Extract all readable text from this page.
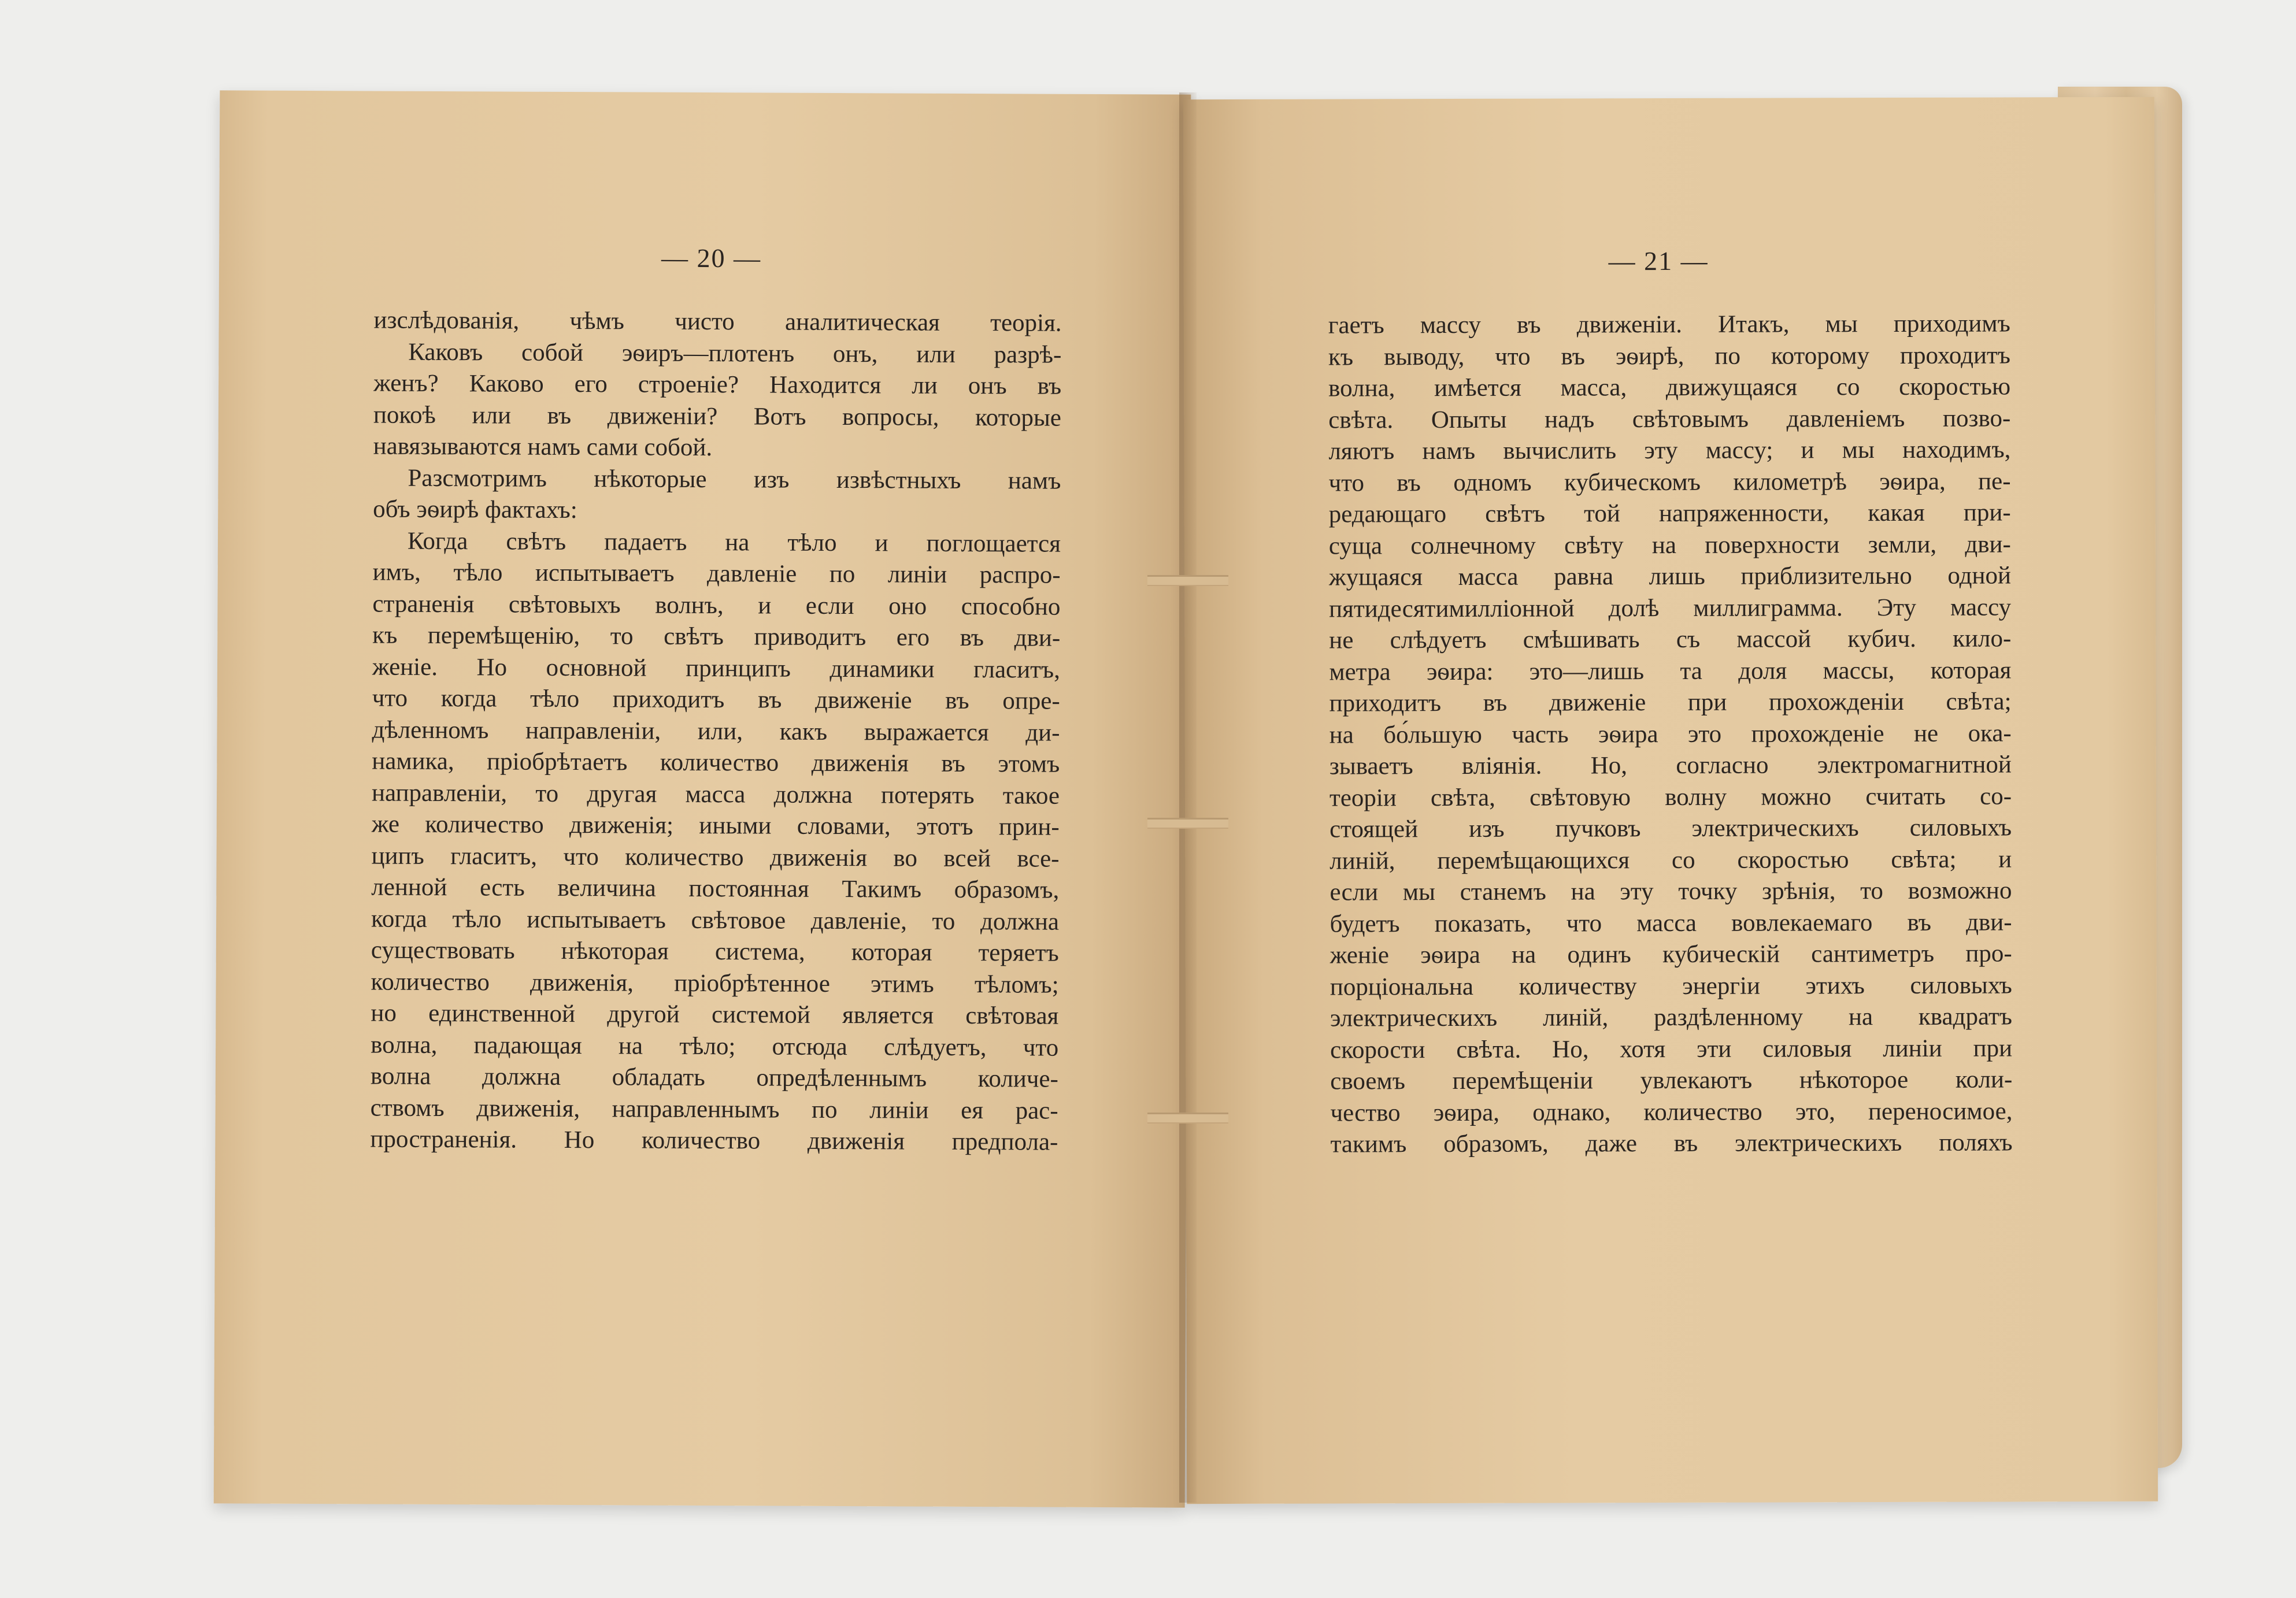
— 20 —
изслѣдованія, чѣмъ чисто аналитическая теорія.
Каковъ собой эѳиръ—плотенъ онъ, или разрѣ-
женъ? Каково его строеніе? Находится ли онъ въ
покоѣ или въ движеніи? Вотъ вопросы, которые
навязываются намъ сами собой.
Разсмотримъ нѣкоторые изъ извѣстныхъ намъ
объ эѳирѣ фактахъ:
Когда свѣтъ падаетъ на тѣло и поглощается
имъ, тѣло испытываетъ давленіе по линіи распро-
страненія свѣтовыхъ волнъ, и если оно способно
къ перемѣщенію, то свѣтъ приводитъ его въ дви-
женіе. Но основной принципъ динамики гласитъ,
что когда тѣло приходитъ въ движеніе въ опре-
дѣленномъ направленіи, или, какъ выражается ди-
намика, пріобрѣтаетъ количество движенія въ этомъ
направленіи, то другая масса должна потерять такое
же количество движенія; иными словами, этотъ прин-
ципъ гласитъ, что количество движенія во всей все-
ленной есть величина постоянная Такимъ образомъ,
когда тѣло испытываетъ свѣтовое давленіе, то должна
существовать нѣкоторая система, которая теряетъ
количество движенія, пріобрѣтенное этимъ тѣломъ;
но единственной другой системой является свѣтовая
волна, падающая на тѣло; отсюда слѣдуетъ, что
волна должна обладать опредѣленнымъ количе-
ствомъ движенія, направленнымъ по линіи ея рас-
пространенія. Но количество движенія предпола-
— 21 —
гаетъ массу въ движеніи. Итакъ, мы приходимъ
къ выводу, что въ эѳирѣ, по которому проходитъ
волна, имѣется масса, движущаяся со скоростью
свѣта. Опыты надъ свѣтовымъ давленіемъ позво-
ляютъ намъ вычислить эту массу; и мы находимъ,
что въ одномъ кубическомъ километрѣ эѳира, пе-
редающаго свѣтъ той напряженности, какая при-
суща солнечному свѣту на поверхности земли, дви-
жущаяся масса равна лишь приблизительно одной
пятидесятимилліонной долѣ миллиграмма. Эту массу
не слѣдуетъ смѣшивать съ массой кубич. кило-
метра эѳира: это—лишь та доля массы, которая
приходитъ въ движеніе при прохожденіи свѣта;
на бо́льшую часть эѳира это прохожденіе не ока-
зываетъ вліянія. Но, согласно электромагнитной
теоріи свѣта, свѣтовую волну можно считать со-
стоящей изъ пучковъ электрическихъ силовыхъ
линій, перемѣщающихся со скоростью свѣта; и
если мы станемъ на эту точку зрѣнія, то возможно
будетъ показать, что масса вовлекаемаго въ дви-
женіе эѳира на одинъ кубическій сантиметръ про-
порціональна количеству энергіи этихъ силовыхъ
электрическихъ линій, раздѣленному на квадратъ
скорости свѣта. Но, хотя эти силовыя линіи при
своемъ перемѣщеніи увлекаютъ нѣкоторое коли-
чество эѳира, однако, количество это, переносимое,
такимъ образомъ, даже въ электрическихъ поляхъ
